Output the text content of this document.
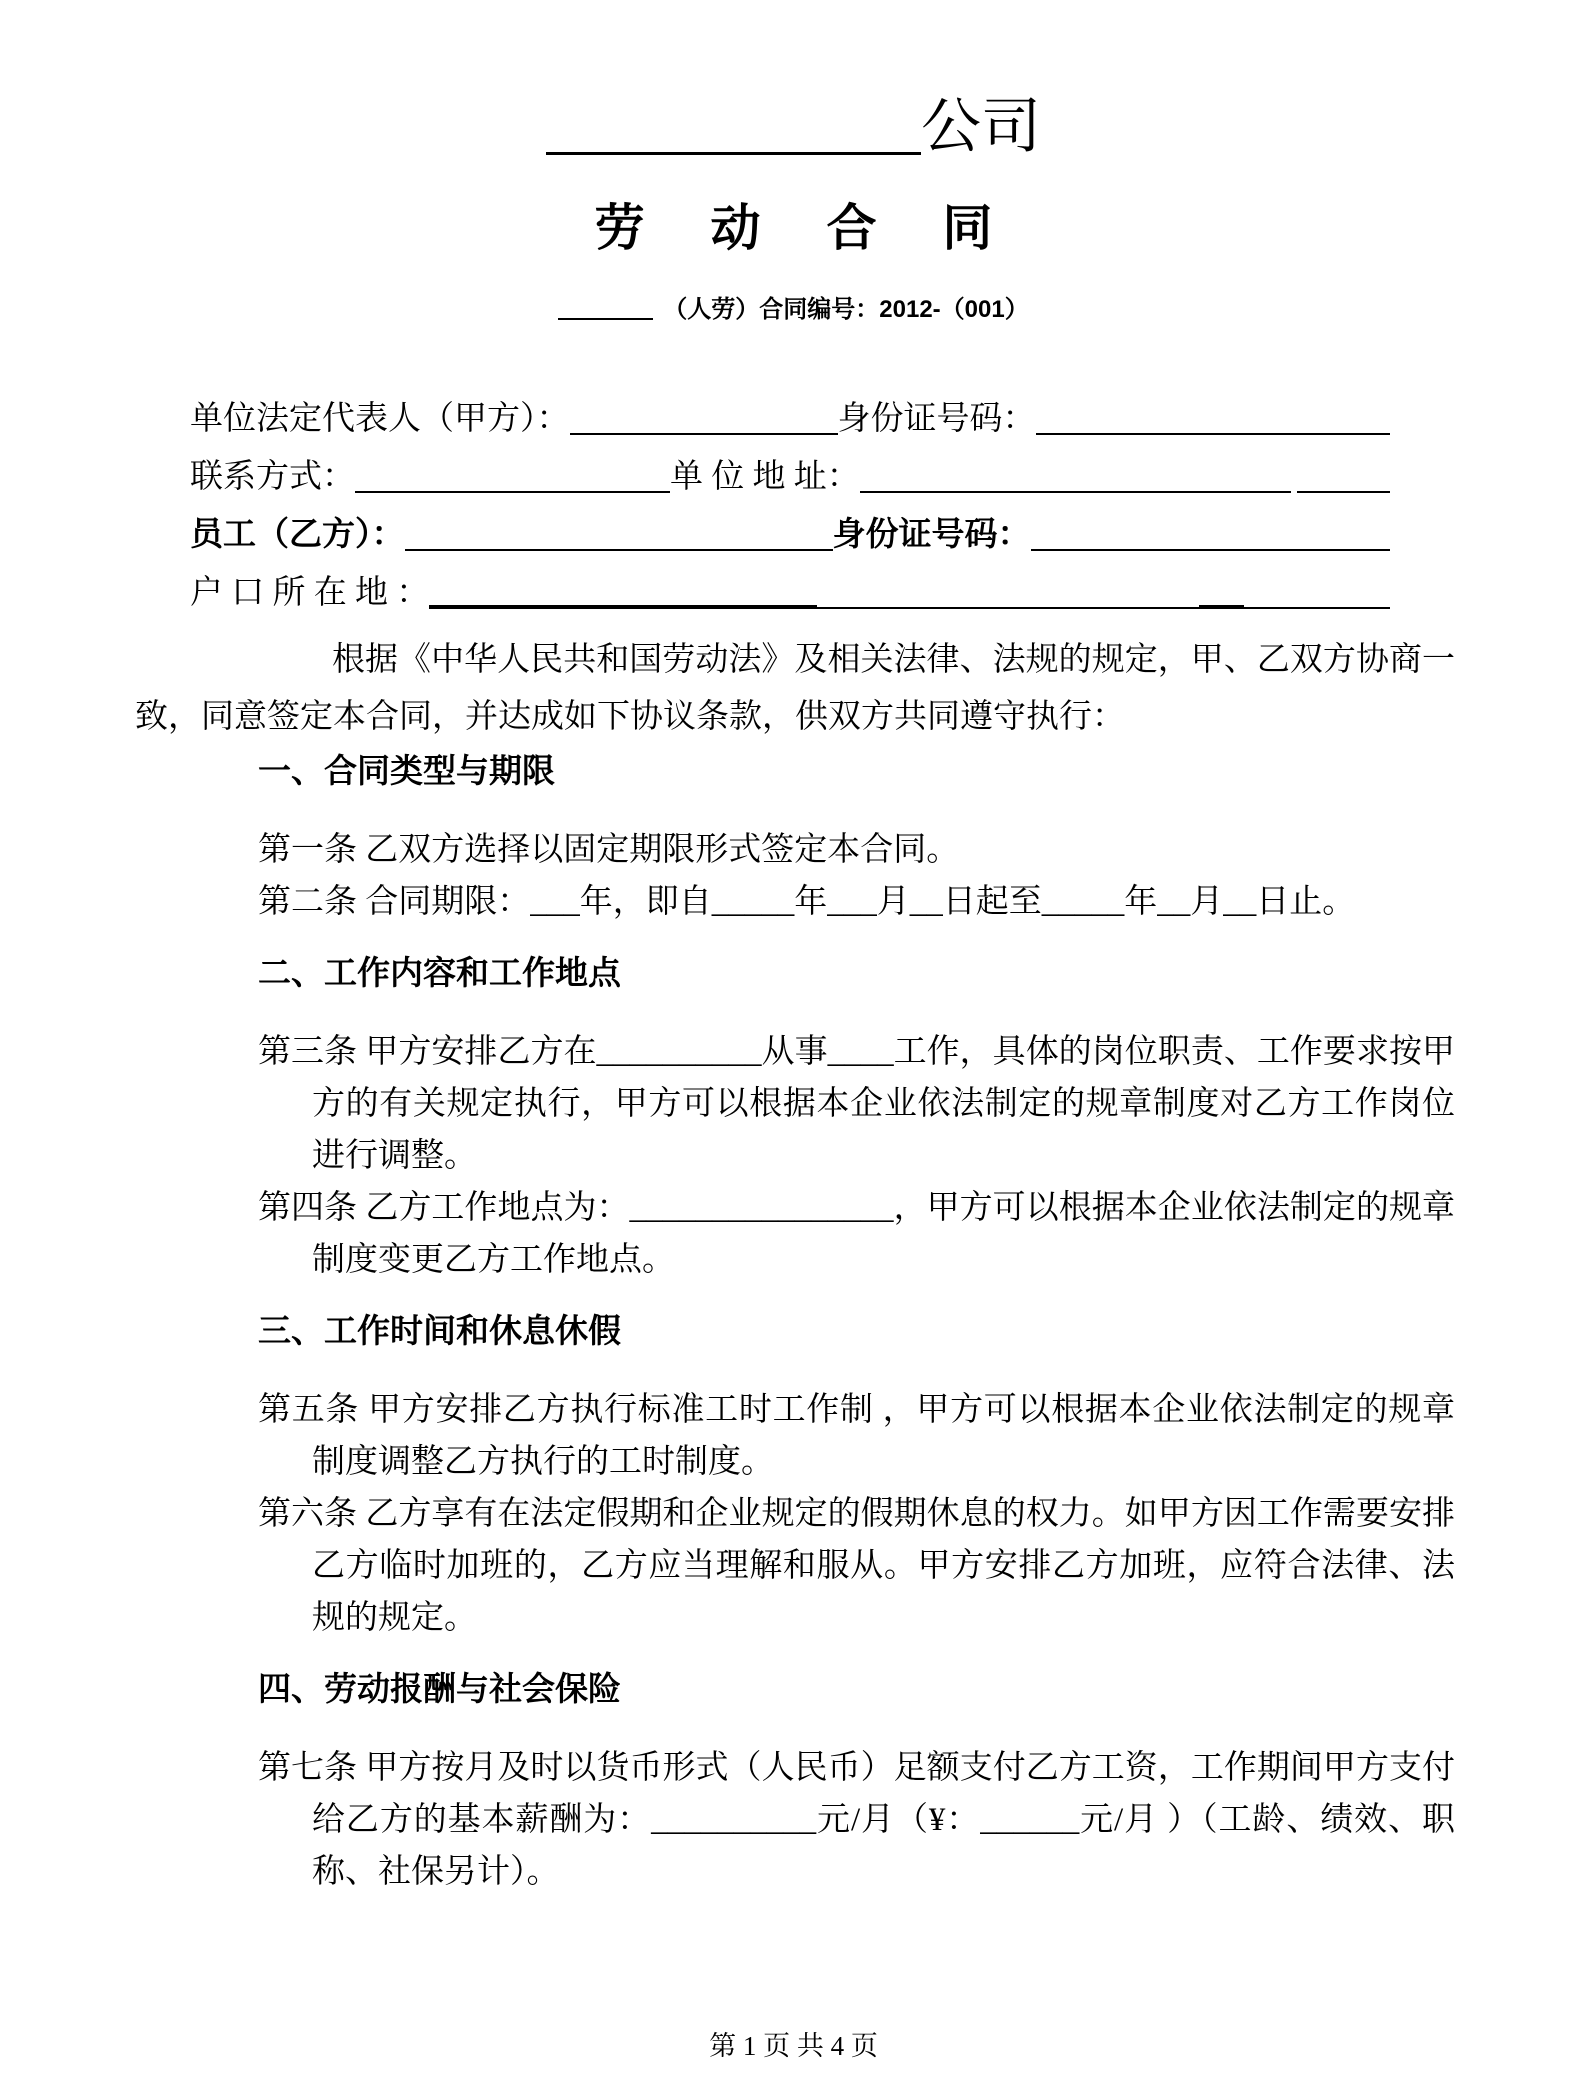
公司
劳 动 合 同
（人劳）合同编号：2012-（001）
单位法定代表人（甲方）：	身份证号码：
联系方式：	单 位 地 址：
员工（乙方）：	身份证号码：
户 口 所 在 地 ：

根据《中华人民共和国劳动法》及相关法律、法规的规定，甲、乙双方协商一致，同意签定本合同，并达成如下协议条款，供双方共同遵守执行：

一、合同类型与期限
第一条 乙双方选择以固定期限形式签定本合同。
第二条 合同期限：___年，即自_____年___月__日起至_____年__月__日止。
二、工作内容和工作地点
第三条 甲方安排乙方在__________从事____工作，具体的岗位职责、工作要求按甲方的有关规定执行，甲方可以根据本企业依法制定的规章制度对乙方工作岗位进行调整。
第四条 乙方工作地点为：________________，甲方可以根据本企业依法制定的规章制度变更乙方工作地点。
三、工作时间和休息休假
第五条 甲方安排乙方执行标准工时工作制 ，甲方可以根据本企业依法制定的规章制度调整乙方执行的工时制度。
第六条 乙方享有在法定假期和企业规定的假期休息的权力。如甲方因工作需要安排乙方临时加班的，乙方应当理解和服从。甲方安排乙方加班，应符合法律、法规的规定。
四、劳动报酬与社会保险
第七条 甲方按月及时以货币形式（人民币）足额支付乙方工资，工作期间甲方支付给乙方的基本薪酬为：__________元/月（¥：______元/月 ）（工龄、绩效、职称、社保另计）。
第 1 页 共 4 页
